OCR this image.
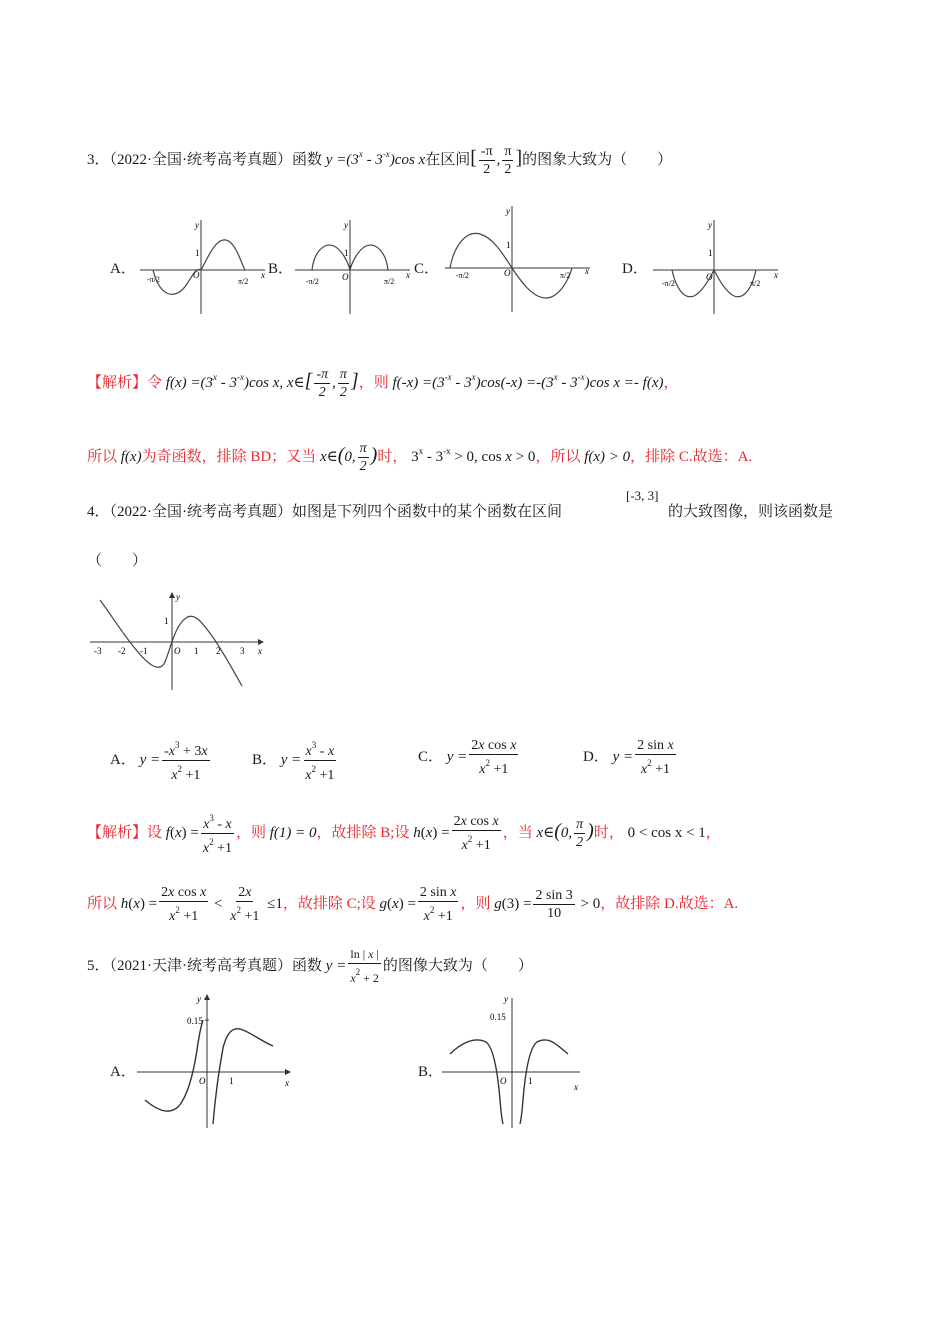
3．（2022·全国·统考高考真题）函数 $y =(3^x - 3^{-x})\cos$ x在区间[ $\frac{-\pi}{2}$ , $\frac{\pi}{2}$ ]的图象大致为（　　）
A．	B．	C．	D．
y
x
O
1
-π/2	π/2
y
x
O
1
-π/2	π/2
y
x
O
1
-π/2	π/2
y
x
O
1
-π/2	π/2
【解析】令 $f(x) =(3^x - 3^{-x})\cos$ x, x∈[ $\frac{-\pi}{2}$ , $\frac{\pi}{2}$ ]，则 $f(-x) =(3^{-x} - 3^x)\cos(-x) =-(3^x - 3^{-x})\cos$ x =- f(x)，
所以 f(x)为奇函数，排除 BD；又当 x∈(0, $\frac{\pi}{2}$ )时， $3^x - 3^{-x} > 0$, cos x > 0，所以 f(x) > 0，排除 C.故选：A.
4．（2022·全国·统考高考真题）如图是下列四个函数中的某个函数在区间
[-3, 3]
的大致图像，则该函数是
（　　）
y
x
1
-3 -2 -1	O 1 2 3
A． $y = \frac{-x^3 + 3x}{x^2 +1}$	B． $y = \frac{x^3 - x}{x^2 +1}$	C． $y = \frac{\text{2x cos x}}{x^2 +1}$	D． $y = \frac{\text{2 sin x}}{x^2 +1}$
【解析】设 $f(x) = \frac{x^3 - x}{x^2 +1}$ ，则 f(1) = 0，故排除 B;设 $h(x) = \frac{\text{2x cos x}}{x^2 +1}$ ，当 x∈(0, $\frac{\pi}{2}$ )时， 0 < cos x < 1，
所以 $h(x) = \frac{\text{2x cos x}}{x^2 +1} < \frac{2x}{x^2 +1} \le 1$，故排除 C;设 $g(x) = \frac{\text{2 sin x}}{x^2 +1}$ ，则 $g(3) = \frac{2 \sin 3}{10} > 0$，故排除 D.故选：A.
5．（2021·天津·统考高考真题）函数 $y = \frac{\ln | x |}{x^2 + 2}$ 的图像大致为（　　）
A．	B．
y
x
O	1
0.15
y
x
O 1
0.15
